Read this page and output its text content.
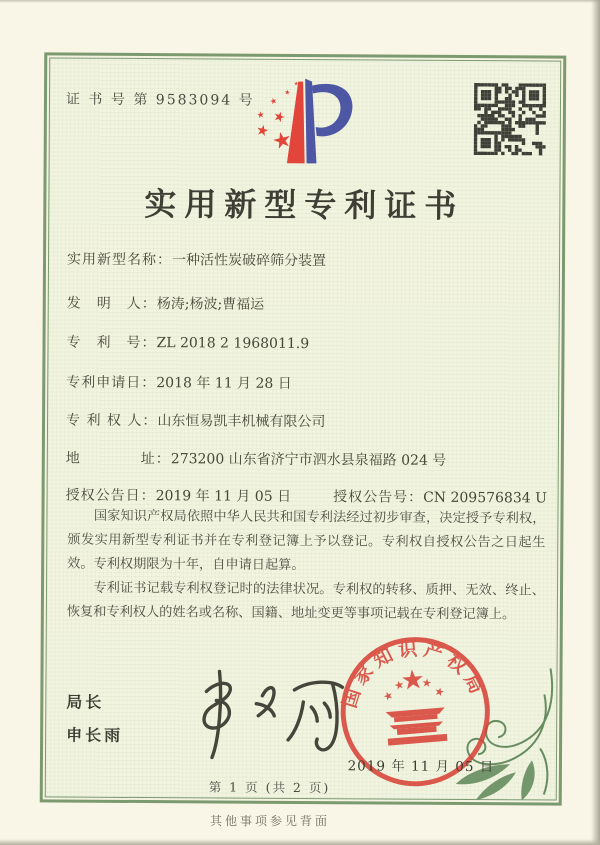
证 书 号 第 9583094 号
实用新型专利证书
实用新型名称：一种活性炭破碎筛分装置
发　明　人：杨涛;杨波;曹福运
专　利　号：ZL 2018 2 1968011.9
专利申请日：2018 年 11 月 28 日
专 利 权 人：山东恒易凯丰机械有限公司
地　　　　址：273200 山东省济宁市泗水县泉福路 024 号
授权公告日：2019 年 11 月 05 日	授权公告号：CN 209576834 U

国家知识产权局依照中华人民共和国专利法经过初步审查，决定授予专利权，颁发实用新型专利证书并在专利登记簿上予以登记。专利权自授权公告之日起生效。专利权期限为十年，自申请日起算。

专利证书记载专利权登记时的法律状况。专利权的转移、质押、无效、终止、恢复和专利权人的姓名或名称、国籍、地址变更等事项记载在专利登记簿上。

局长
申长雨
国家知识产权局
2019 年 11 月 05 日
第 1 页 (共 2 页)
其他事项参见背面
